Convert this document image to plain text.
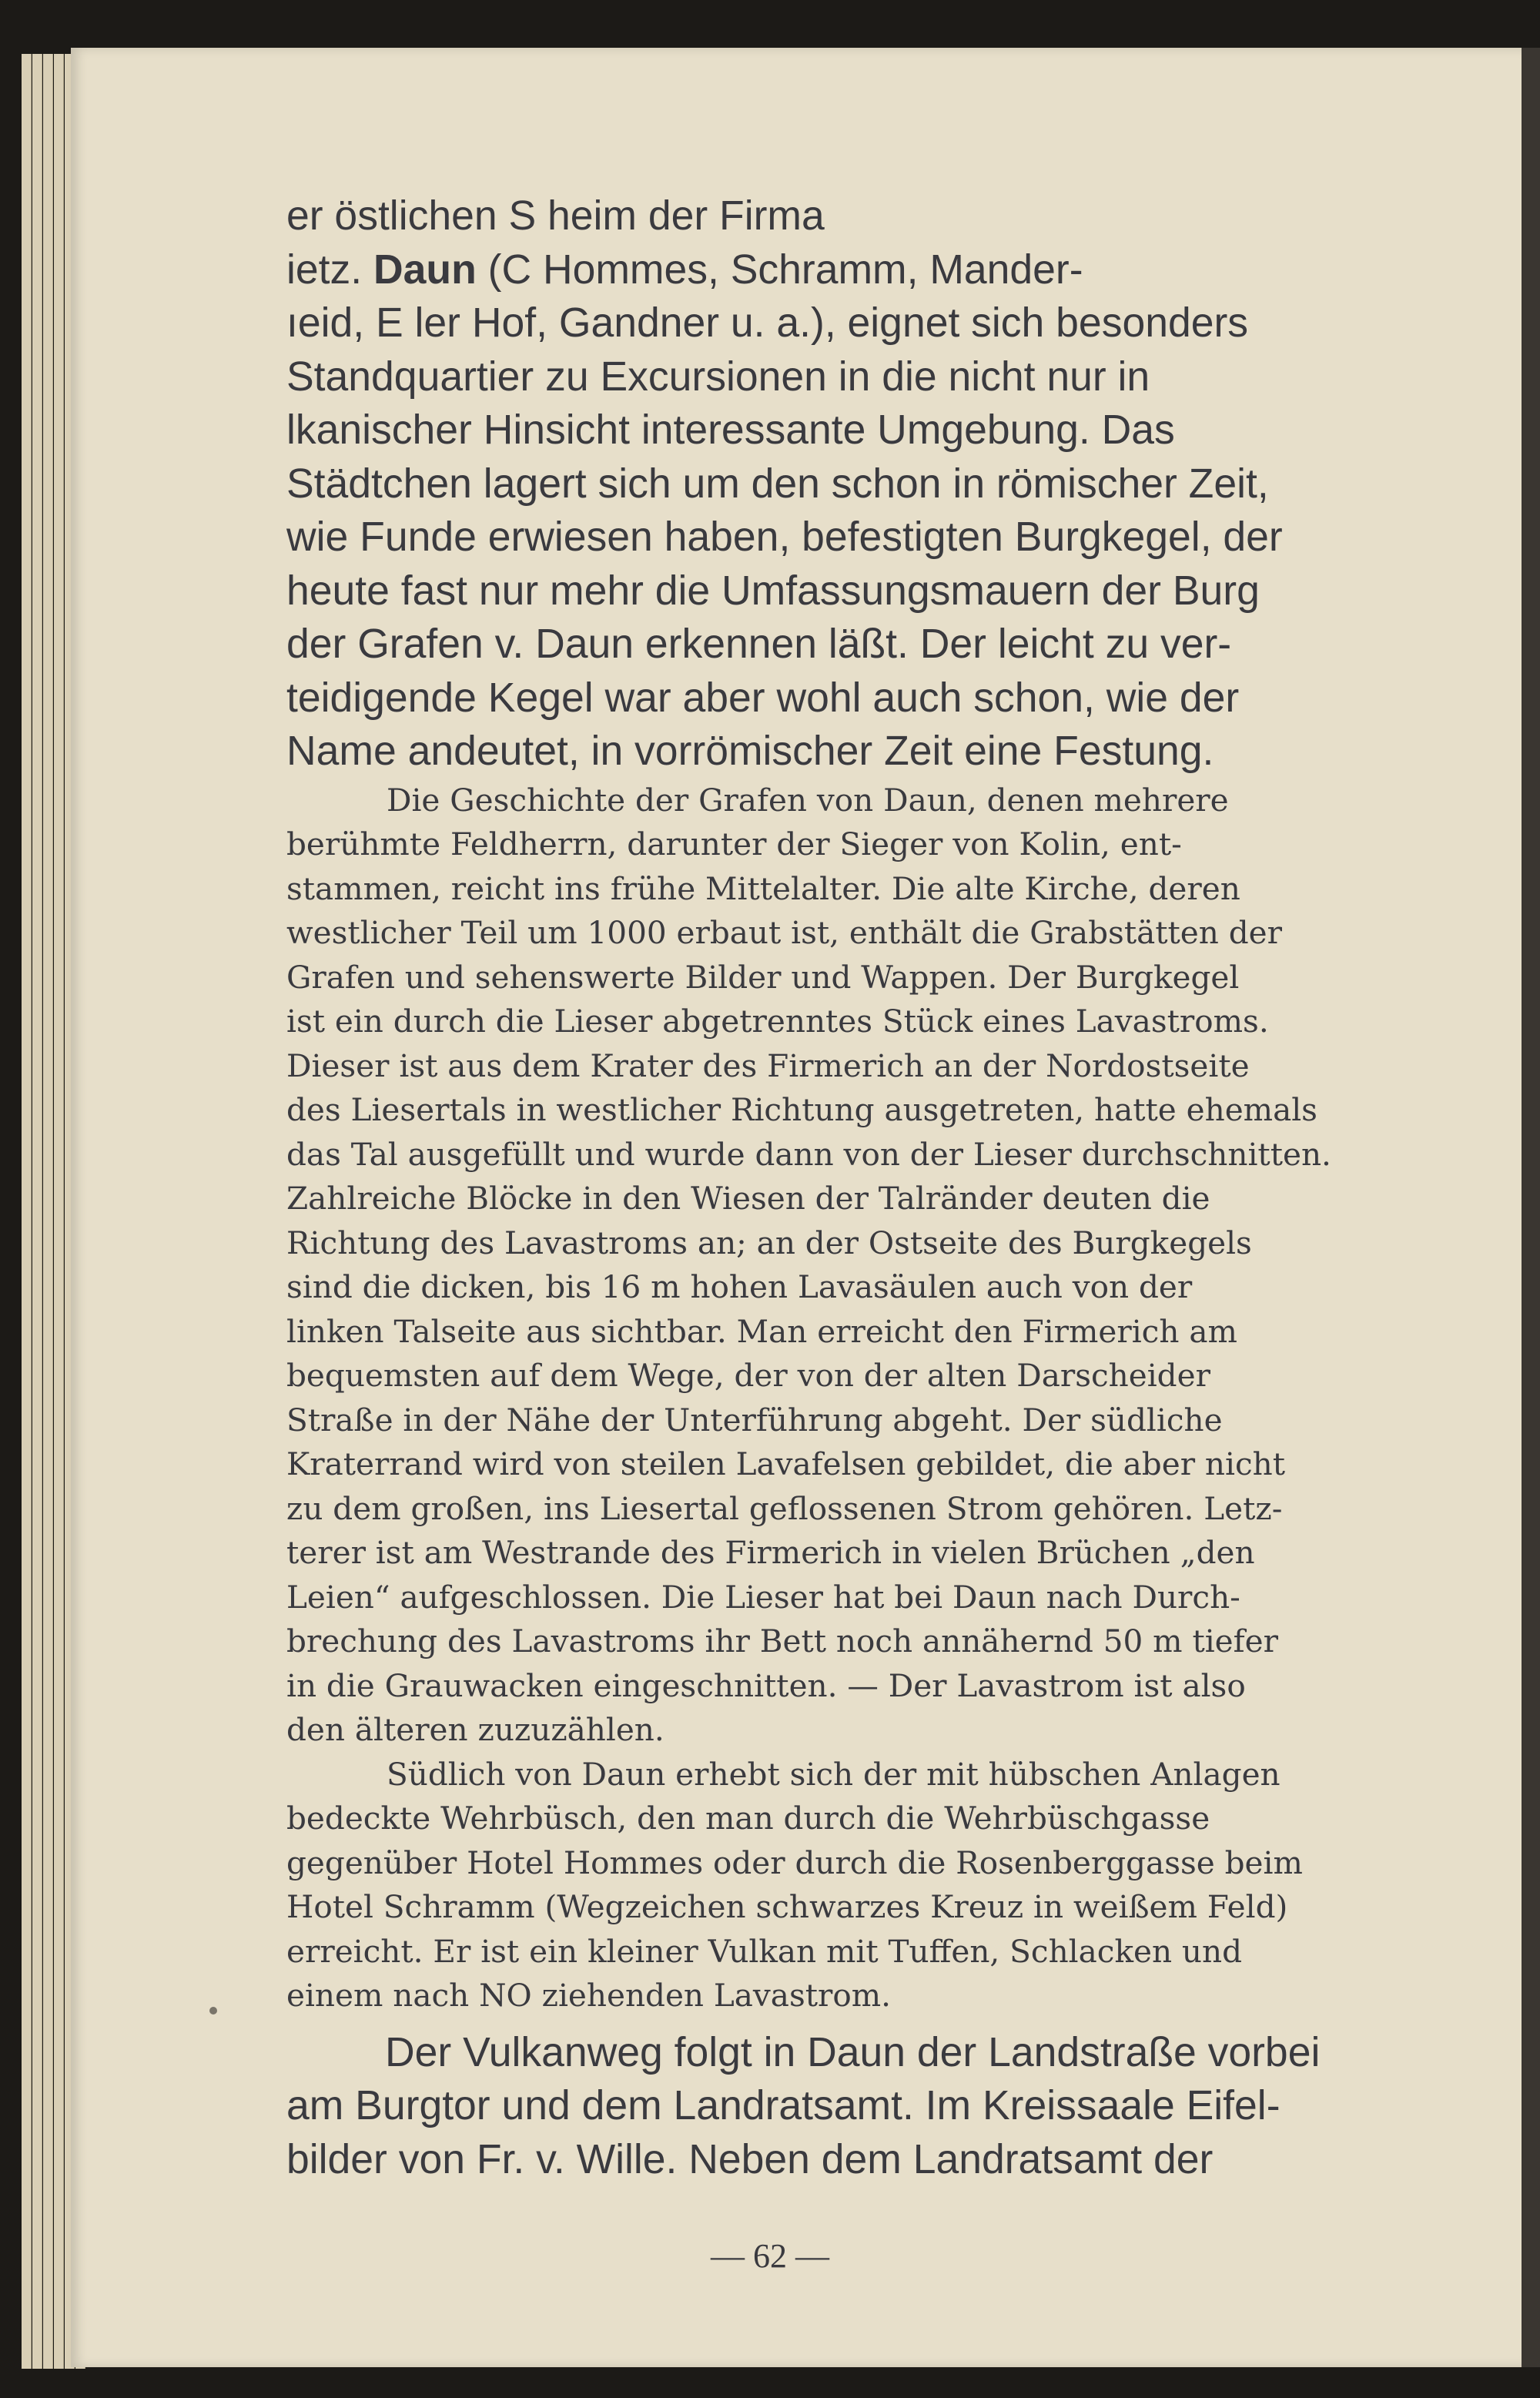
er östlichen S heim der Firma
ietz. Daun (C Hommes, Schramm, Mander-
ıeid, E ler Hof, Gandner u. a.), eignet sich besonders
Standquartier zu Excursionen in die nicht nur in
lkanischer Hinsicht interessante Umgebung. Das
Städtchen lagert sich um den schon in römischer Zeit,
wie Funde erwiesen haben, befestigten Burgkegel, der
heute fast nur mehr die Umfassungsmauern der Burg
der Grafen v. Daun erkennen läßt. Der leicht zu ver-
teidigende Kegel war aber wohl auch schon, wie der
Name andeutet, in vorrömischer Zeit eine Festung.

Die Geschichte der Grafen von Daun, denen mehrere
berühmte Feldherrn, darunter der Sieger von Kolin, ent-
stammen, reicht ins frühe Mittelalter. Die alte Kirche, deren
westlicher Teil um 1000 erbaut ist, enthält die Grabstätten der
Grafen und sehenswerte Bilder und Wappen. Der Burgkegel
ist ein durch die Lieser abgetrenntes Stück eines Lavastroms.
Dieser ist aus dem Krater des Firmerich an der Nordostseite
des Liesertals in westlicher Richtung ausgetreten, hatte ehemals
das Tal ausgefüllt und wurde dann von der Lieser durchschnitten.
Zahlreiche Blöcke in den Wiesen der Talränder deuten die
Richtung des Lavastroms an; an der Ostseite des Burgkegels
sind die dicken, bis 16 m hohen Lavasäulen auch von der
linken Talseite aus sichtbar. Man erreicht den Firmerich am
bequemsten auf dem Wege, der von der alten Darscheider
Straße in der Nähe der Unterführung abgeht. Der südliche
Kraterrand wird von steilen Lavafelsen gebildet, die aber nicht
zu dem großen, ins Liesertal geflossenen Strom gehören. Letz-
terer ist am Westrande des Firmerich in vielen Brüchen „den
Leien“ aufgeschlossen. Die Lieser hat bei Daun nach Durch-
brechung des Lavastroms ihr Bett noch annähernd 50 m tiefer
in die Grauwacken eingeschnitten. — Der Lavastrom ist also
den älteren zuzuzählen.

Südlich von Daun erhebt sich der mit hübschen Anlagen
bedeckte Wehrbüsch, den man durch die Wehrbüschgasse
gegenüber Hotel Hommes oder durch die Rosenberggasse beim
Hotel Schramm (Wegzeichen schwarzes Kreuz in weißem Feld)
erreicht. Er ist ein kleiner Vulkan mit Tuffen, Schlacken und
einem nach NO ziehenden Lavastrom.

Der Vulkanweg folgt in Daun der Landstraße vorbei
am Burgtor und dem Landratsamt. Im Kreissaale Eifel-
bilder von Fr. v. Wille. Neben dem Landratsamt der

— 62 —
